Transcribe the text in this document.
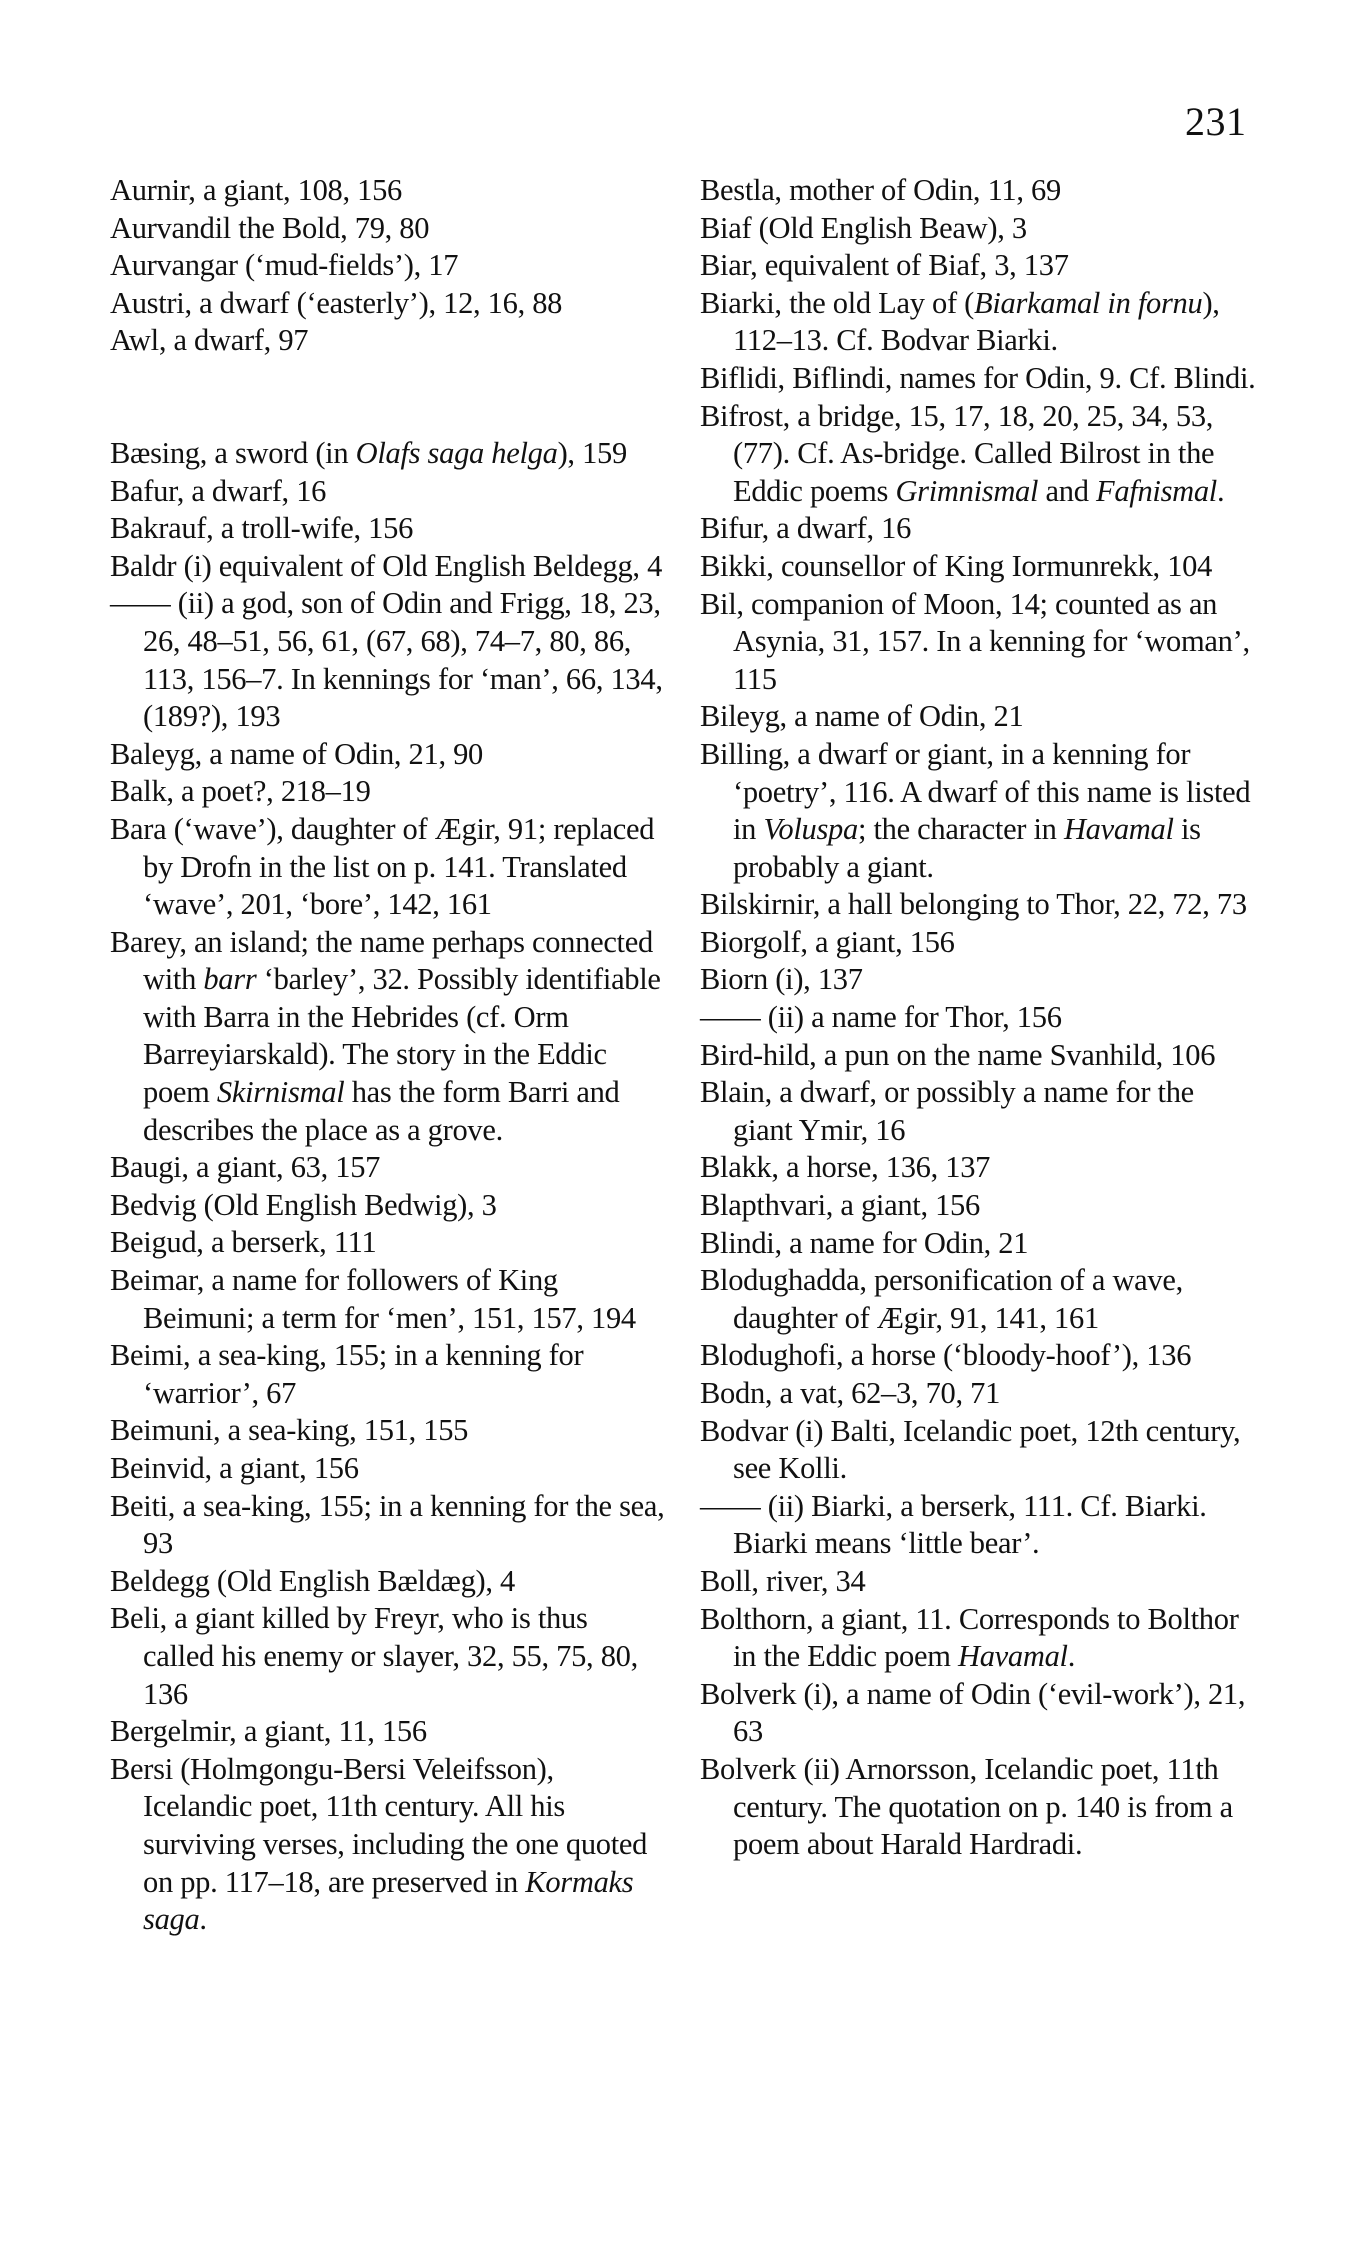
231
Aurnir, a giant, 108, 156
Aurvandil the Bold, 79, 80
Aurvangar (‘mud-fields’), 17
Austri, a dwarf (‘easterly’), 12, 16, 88
Awl, a dwarf, 97
Bæsing, a sword (in Olafs saga helga), 159
Bafur, a dwarf, 16
Bakrauf, a troll-wife, 156
Baldr (i) equivalent of Old English Beldegg, 4
—— (ii) a god, son of Odin and Frigg, 18, 23, 26, 48–51, 56, 61, (67, 68), 74–7, 80, 86, 113, 156–7. In kennings for ‘man’, 66, 134, (189?), 193
Baleyg, a name of Odin, 21, 90
Balk, a poet?, 218–19
Bara (‘wave’), daughter of Ægir, 91; replaced by Drofn in the list on p. 141. Translated ‘wave’, 201, ‘bore’, 142, 161
Barey, an island; the name perhaps connected with barr ‘barley’, 32. Possibly identifiable with Barra in the Hebrides (cf. Orm Barreyiarskald). The story in the Eddic poem Skirnismal has the form Barri and describes the place as a grove.
Baugi, a giant, 63, 157
Bedvig (Old English Bedwig), 3
Beigud, a berserk, 111
Beimar, a name for followers of King Beimuni; a term for ‘men’, 151, 157, 194
Beimi, a sea-king, 155; in a kenning for ‘warrior’, 67
Beimuni, a sea-king, 151, 155
Beinvid, a giant, 156
Beiti, a sea-king, 155; in a kenning for the sea, 93
Beldegg (Old English Bældæg), 4
Beli, a giant killed by Freyr, who is thus called his enemy or slayer, 32, 55, 75, 80, 136
Bergelmir, a giant, 11, 156
Bersi (Holmgongu-Bersi Veleifsson), Icelandic poet, 11th century. All his surviving verses, including the one quoted on pp. 117–18, are preserved in Kormaks saga.
Bestla, mother of Odin, 11, 69
Biaf (Old English Beaw), 3
Biar, equivalent of Biaf, 3, 137
Biarki, the old Lay of (Biarkamal in fornu), 112–13. Cf. Bodvar Biarki.
Biflidi, Biflindi, names for Odin, 9. Cf. Blindi.
Bifrost, a bridge, 15, 17, 18, 20, 25, 34, 53, (77). Cf. As-bridge. Called Bilrost in the Eddic poems Grimnismal and Fafnismal.
Bifur, a dwarf, 16
Bikki, counsellor of King Iormunrekk, 104
Bil, companion of Moon, 14; counted as an Asynia, 31, 157. In a kenning for ‘woman’, 115
Bileyg, a name of Odin, 21
Billing, a dwarf or giant, in a kenning for ‘poetry’, 116. A dwarf of this name is listed in Voluspa; the character in Havamal is probably a giant.
Bilskirnir, a hall belonging to Thor, 22, 72, 73
Biorgolf, a giant, 156
Biorn (i), 137
—— (ii) a name for Thor, 156
Bird-hild, a pun on the name Svanhild, 106
Blain, a dwarf, or possibly a name for the giant Ymir, 16
Blakk, a horse, 136, 137
Blapthvari, a giant, 156
Blindi, a name for Odin, 21
Blodughadda, personification of a wave, daughter of Ægir, 91, 141, 161
Blodughofi, a horse (‘bloody-hoof’), 136
Bodn, a vat, 62–3, 70, 71
Bodvar (i) Balti, Icelandic poet, 12th century, see Kolli.
—— (ii) Biarki, a berserk, 111. Cf. Biarki. Biarki means ‘little bear’.
Boll, river, 34
Bolthorn, a giant, 11. Corresponds to Bolthor in the Eddic poem Havamal.
Bolverk (i), a name of Odin (‘evil-work’), 21, 63
Bolverk (ii) Arnorsson, Icelandic poet, 11th century. The quotation on p. 140 is from a poem about Harald Hardradi.
